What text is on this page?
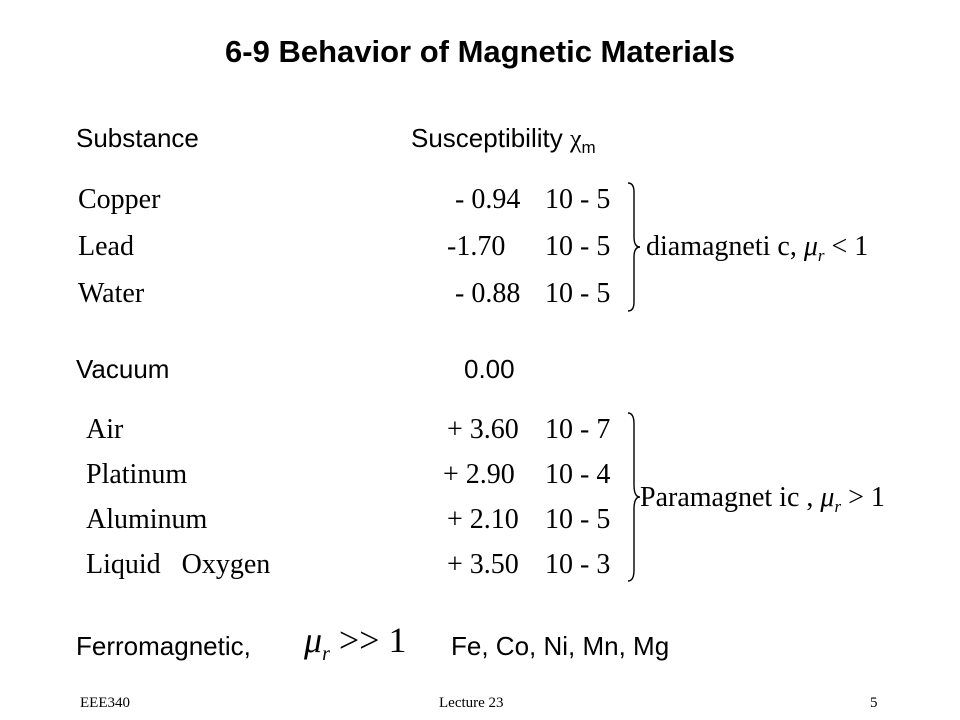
6-9 Behavior of Magnetic Materials
Substance	Susceptibility $\chi_m$
Copper	- 0.94 10 - 5
Lead	-1.70 10 - 5
Water	- 0.88 10 - 5
diamagneti c, $\mu_r < 1$
Vacuum	0.00
Air	+ 3.60 10 - 7
Platinum	+ 2.90 10 - 4
Aluminum	+ 2.10 10 - 5
Liquid   Oxygen	+ 3.50 10 - 3
Paramagnet ic , $\mu_r > 1$
Ferromagnetic, $\mu_r >> 1$ Fe, Co, Ni, Mn, Mg
EEE340	Lecture 23	5
